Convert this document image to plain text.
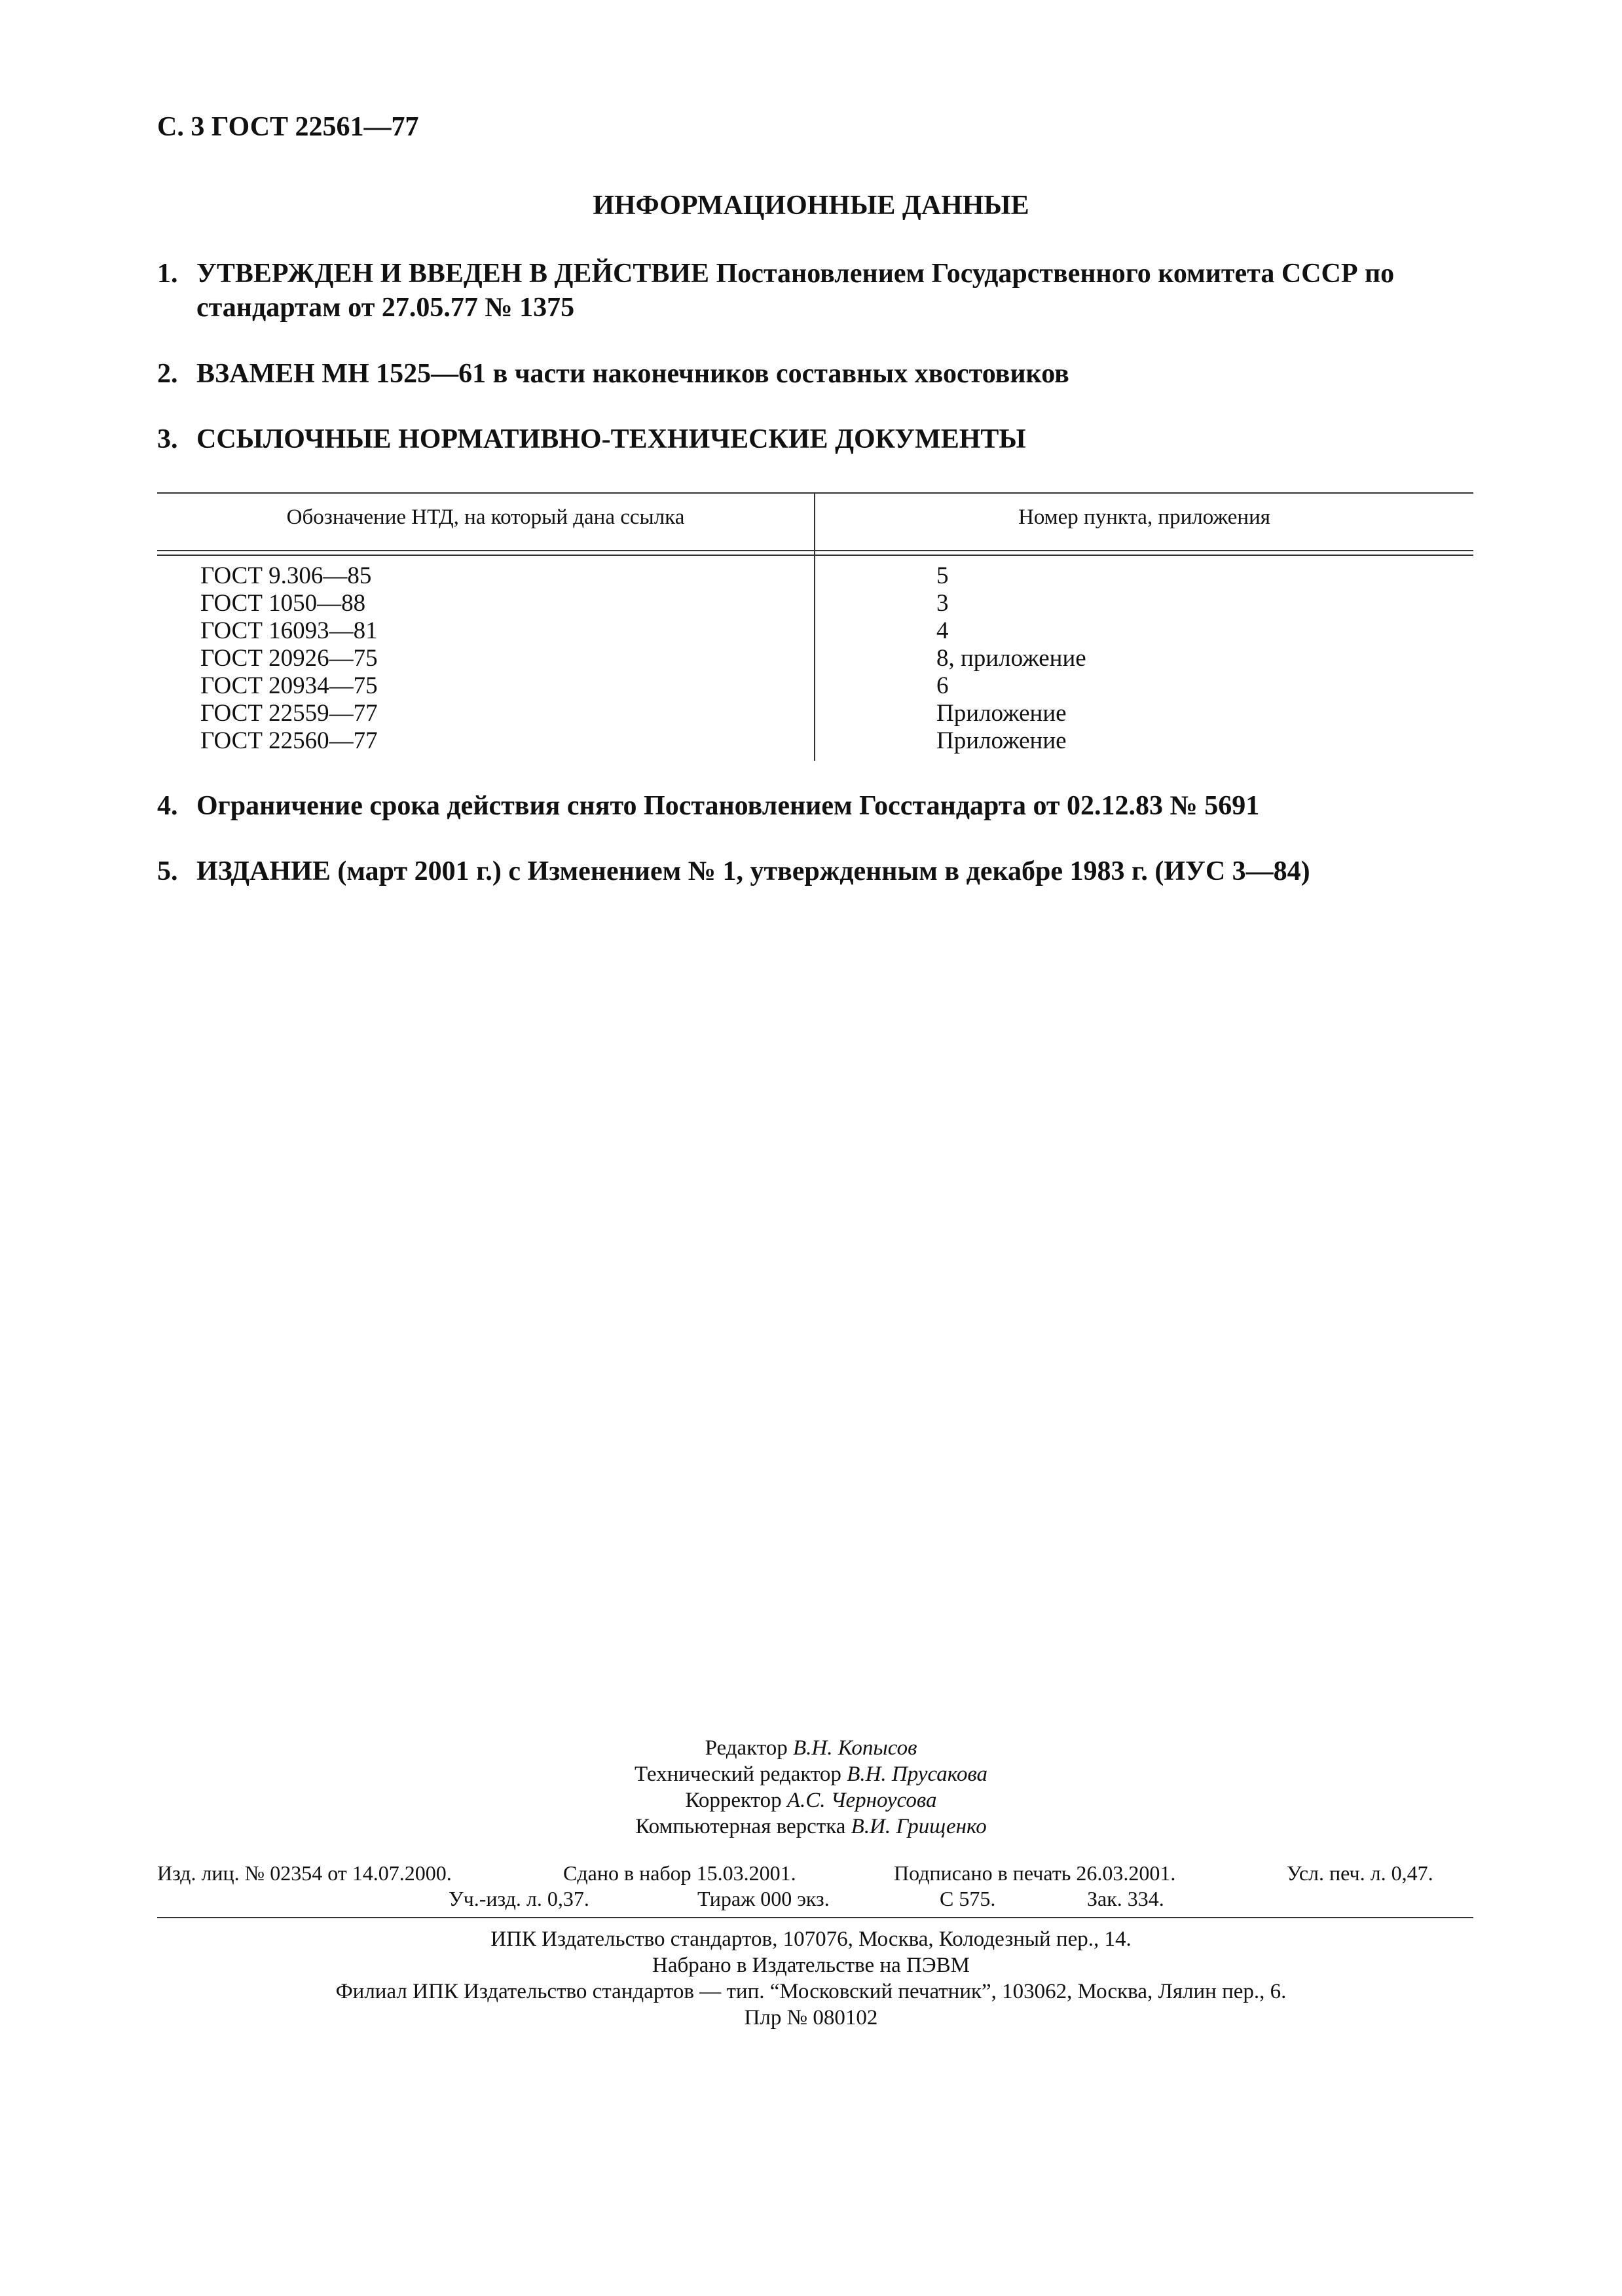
С. 3 ГОСТ 22561—77
ИНФОРМАЦИОННЫЕ ДАННЫЕ
1. УТВЕРЖДЕН И ВВЕДЕН В ДЕЙСТВИЕ Постановлением Государственного комитета СССР по
стандартам от 27.05.77 № 1375
2. ВЗАМЕН МН 1525—61 в части наконечников составных хвостовиков
3. ССЫЛОЧНЫЕ НОРМАТИВНО-ТЕХНИЧЕСКИЕ ДОКУМЕНТЫ
Обозначение НТД, на который дана ссылка	Номер пункта, приложения
ГОСТ 9.306—85	5
ГОСТ 1050—88	3
ГОСТ 16093—81	4
ГОСТ 20926—75	8, приложение
ГОСТ 20934—75	6
ГОСТ 22559—77	Приложение
ГОСТ 22560—77	Приложение
4. Ограничение срока действия снято Постановлением Госстандарта от 02.12.83 № 5691
5. ИЗДАНИЕ (март 2001 г.) с Изменением № 1, утвержденным в декабре 1983 г. (ИУС 3—84)
Редактор В.Н. Копысов
Технический редактор В.Н. Прусакова
Корректор А.С. Черноусова
Компьютерная верстка В.И. Грищенко
Изд. лиц. № 02354 от 14.07.2000.	Сдано в набор 15.03.2001.	Подписано в печать 26.03.2001.	Усл. печ. л. 0,47.
Уч.-изд. л. 0,37.	Тираж 000 экз.	С 575.	Зак. 334.
ИПК Издательство стандартов, 107076, Москва, Колодезный пер., 14.
Набрано в Издательстве на ПЭВМ
Филиал ИПК Издательство стандартов — тип. “Московский печатник”, 103062, Москва, Лялин пер., 6.
Плр № 080102
